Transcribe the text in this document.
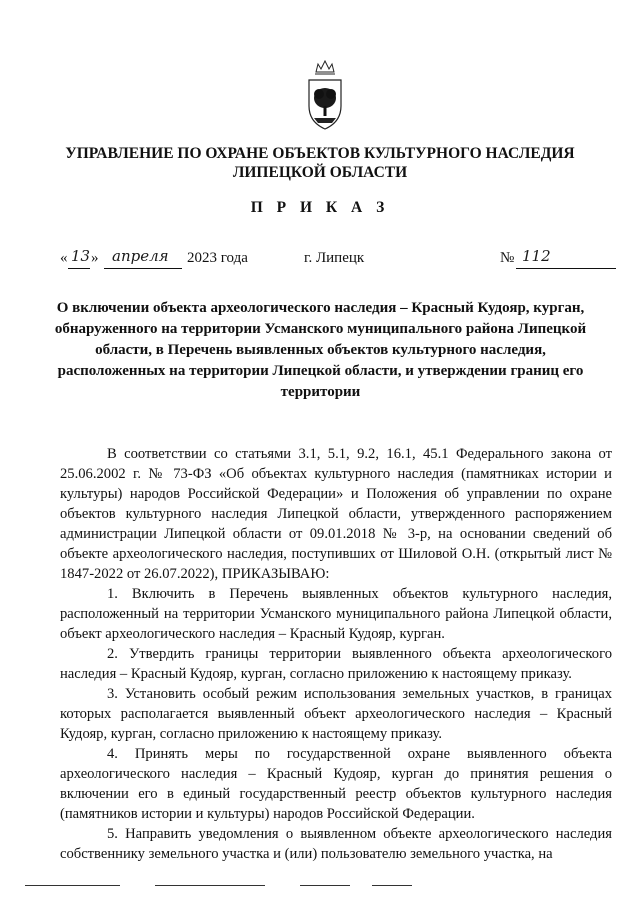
УПРАВЛЕНИЕ ПО ОХРАНЕ ОБЪЕКТОВ КУЛЬТУРНОГО НАСЛЕДИЯ
ЛИПЕЦКОЙ ОБЛАСТИ
П Р И К А З
« 13 » апреля 2023 года	г. Липецк	№ 112
О включении объекта археологического наследия – Красный Кудояр, курган, обнаруженного на территории Усманского муниципального района Липецкой области, в Перечень выявленных объектов культурного наследия, расположенных на территории Липецкой области, и утверждении границ его территории

В соответствии со статьями 3.1, 5.1, 9.2, 16.1, 45.1 Федерального закона от 25.06.2002 г. № 73-ФЗ «Об объектах культурного наследия (памятниках истории и культуры) народов Российской Федерации» и Положения об управлении по охране объектов культурного наследия Липецкой области, утвержденного распоряжением администрации Липецкой области от 09.01.2018 № 3-р, на основании сведений об объекте археологического наследия, поступивших от Шиловой О.Н. (открытый лист № 1847-2022 от 26.07.2022), ПРИКАЗЫВАЮ:

1. Включить в Перечень выявленных объектов культурного наследия, расположенный на территории Усманского муниципального района Липецкой области, объект археологического наследия – Красный Кудояр, курган.

2. Утвердить границы территории выявленного объекта археологического наследия – Красный Кудояр, курган, согласно приложению к настоящему приказу.

3. Установить особый режим использования земельных участков, в границах которых располагается выявленный объект археологического наследия – Красный Кудояр, курган, согласно приложению к настоящему приказу.

4. Принять меры по государственной охране выявленного объекта археологического наследия – Красный Кудояр, курган до принятия решения о включении его в единый государственный реестр объектов культурного наследия (памятников истории и культуры) народов Российской Федерации.

5. Направить уведомления о выявленном объекте археологического наследия собственнику земельного участка и (или) пользователю земельного участка, на
